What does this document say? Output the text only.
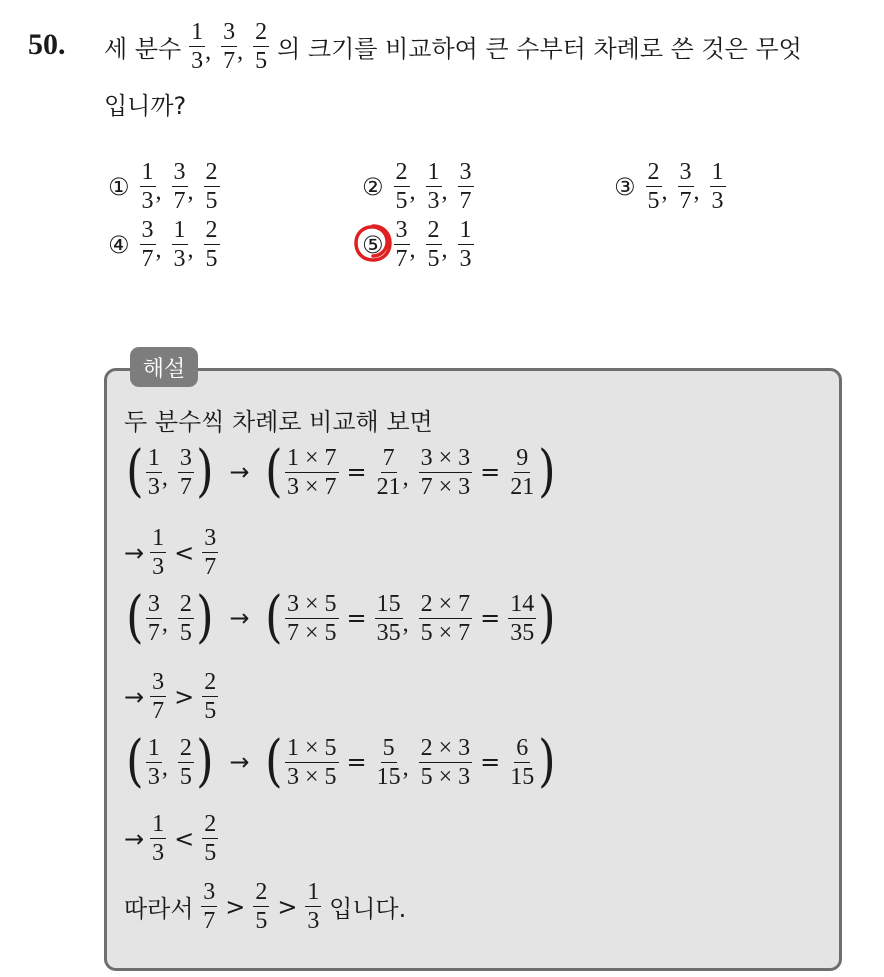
50. 세 분수 $\frac{1}{3}$ , $\frac{3}{7}$ , $\frac{2}{5}$ 의 크기를 비교하여 큰 수부터 차례로 쓴 것은 무엇
입니까?
① $\frac{1}{3}$ , $\frac{3}{7}$ , $\frac{2}{5}$	② $\frac{2}{5}$ , $\frac{1}{3}$ , $\frac{3}{7}$	③ $\frac{2}{5}$ , $\frac{3}{7}$ , $\frac{1}{3}$
④ $\frac{3}{7}$ , $\frac{1}{3}$ , $\frac{2}{5}$	⑤ $\frac{3}{7}$ , $\frac{2}{5}$ , $\frac{1}{3}$
해설
두 분수씩 차례로 비교해 보면
( $\frac{1}{3}$ , $\frac{3}{7}$ ) → ( $\frac{1 \times 7}{3 \times 7} = \frac{7}{21}$ , $\frac{3 \times 3}{7 \times 3} = \frac{9}{21}$ )
→ $\frac{1}{3} < \frac{3}{7}$
( $\frac{3}{7}$ , $\frac{2}{5}$ ) → ( $\frac{3 \times 5}{7 \times 5} = \frac{15}{35}$ , $\frac{2 \times 7}{5 \times 7} = \frac{14}{35}$ )
→ $\frac{3}{7} > \frac{2}{5}$
( $\frac{1}{3}$ , $\frac{2}{5}$ ) → ( $\frac{1 \times 5}{3 \times 5} = \frac{5}{15}$ , $\frac{2 \times 3}{5 \times 3} = \frac{6}{15}$ )
→ $\frac{1}{3} < \frac{2}{5}$
따라서 $\frac{3}{7} > \frac{2}{5} > \frac{1}{3}$ 입니다.
